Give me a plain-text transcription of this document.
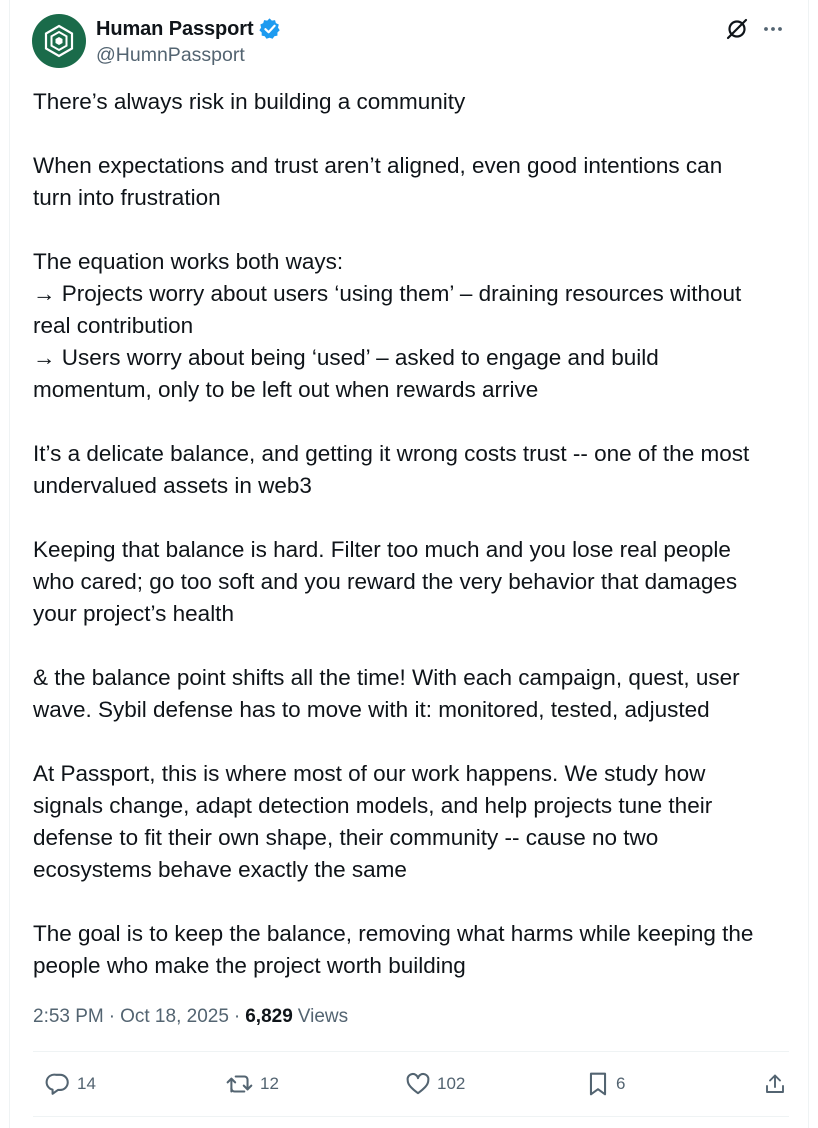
Human Passport
@HumnPassport

There’s always risk in building a community

When expectations and trust aren’t aligned, even good intentions can
turn into frustration

The equation works both ways:
→ Projects worry about users ‘using them’ – draining resources without
real contribution
→ Users worry about being ‘used’ – asked to engage and build
momentum, only to be left out when rewards arrive

It’s a delicate balance, and getting it wrong costs trust -- one of the most
undervalued assets in web3

Keeping that balance is hard. Filter too much and you lose real people
who cared; go too soft and you reward the very behavior that damages
your project’s health

& the balance point shifts all the time! With each campaign, quest, user
wave. Sybil defense has to move with it: monitored, tested, adjusted

At Passport, this is where most of our work happens. We study how
signals change, adapt detection models, and help projects tune their
defense to fit their own shape, their community -- cause no two
ecosystems behave exactly the same

The goal is to keep the balance, removing what harms while keeping the
people who make the project worth building

2:53 PM · Oct 18, 2025 · 6,829 Views
14	12	102	6
